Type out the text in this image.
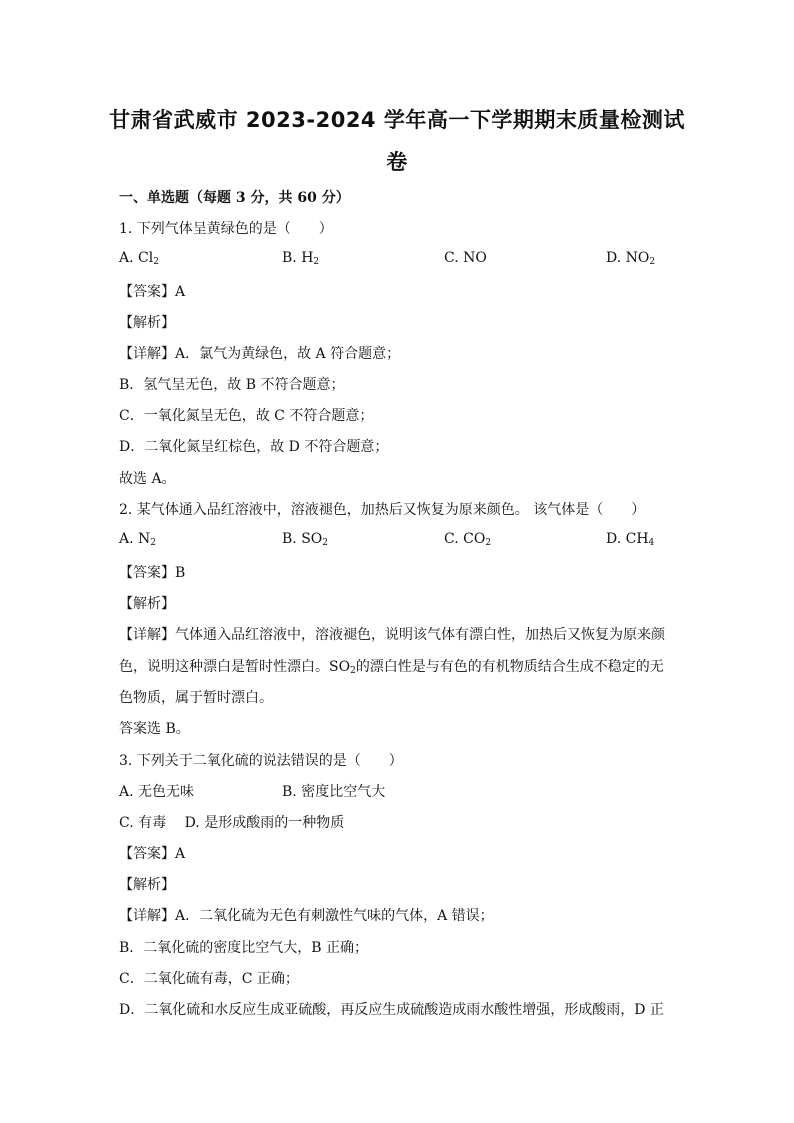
甘肃省武威市 2023-2024 学年高一下学期期末质量检测试
卷
一、单选题（每题 3 分，共 60 分）
1. 下列气体呈黄绿色的是（　　）
A. $Cl_2$	B. $H_2$	C. NO	D. $NO_2$
【答案】A
【解析】
【详解】A．氯气为黄绿色，故 A 符合题意；
B．氢气呈无色，故 B 不符合题意；
C．一氧化氮呈无色，故 C 不符合题意；
D．二氧化氮呈红棕色，故 D 不符合题意；
故选 A。
2. 某气体通入品红溶液中，溶液褪色，加热后又恢复为原来颜色。 该气体是（　　）
A. $N_2$	B. $SO_2$	C. $CO_2$	D. $CH_4$
【答案】B
【解析】
【详解】气体通入品红溶液中，溶液褪色，说明该气体有漂白性，加热后又恢复为原来颜
色，说明这种漂白是暂时性漂白。$SO_2$的漂白性是与有色的有机物质结合生成不稳定的无
色物质，属于暂时漂白。
答案选 B。
3. 下列关于二氧化硫的说法错误的是（　　）
A. 无色无味	B. 密度比空气大
C. 有毒　 D. 是形成酸雨的一种物质
【答案】A
【解析】
【详解】A．二氧化硫为无色有刺激性气味的气体，A 错误；
B．二氧化硫的密度比空气大，B 正确；
C．二氧化硫有毒，C 正确；
D．二氧化硫和水反应生成亚硫酸，再反应生成硫酸造成雨水酸性增强，形成酸雨，D 正
